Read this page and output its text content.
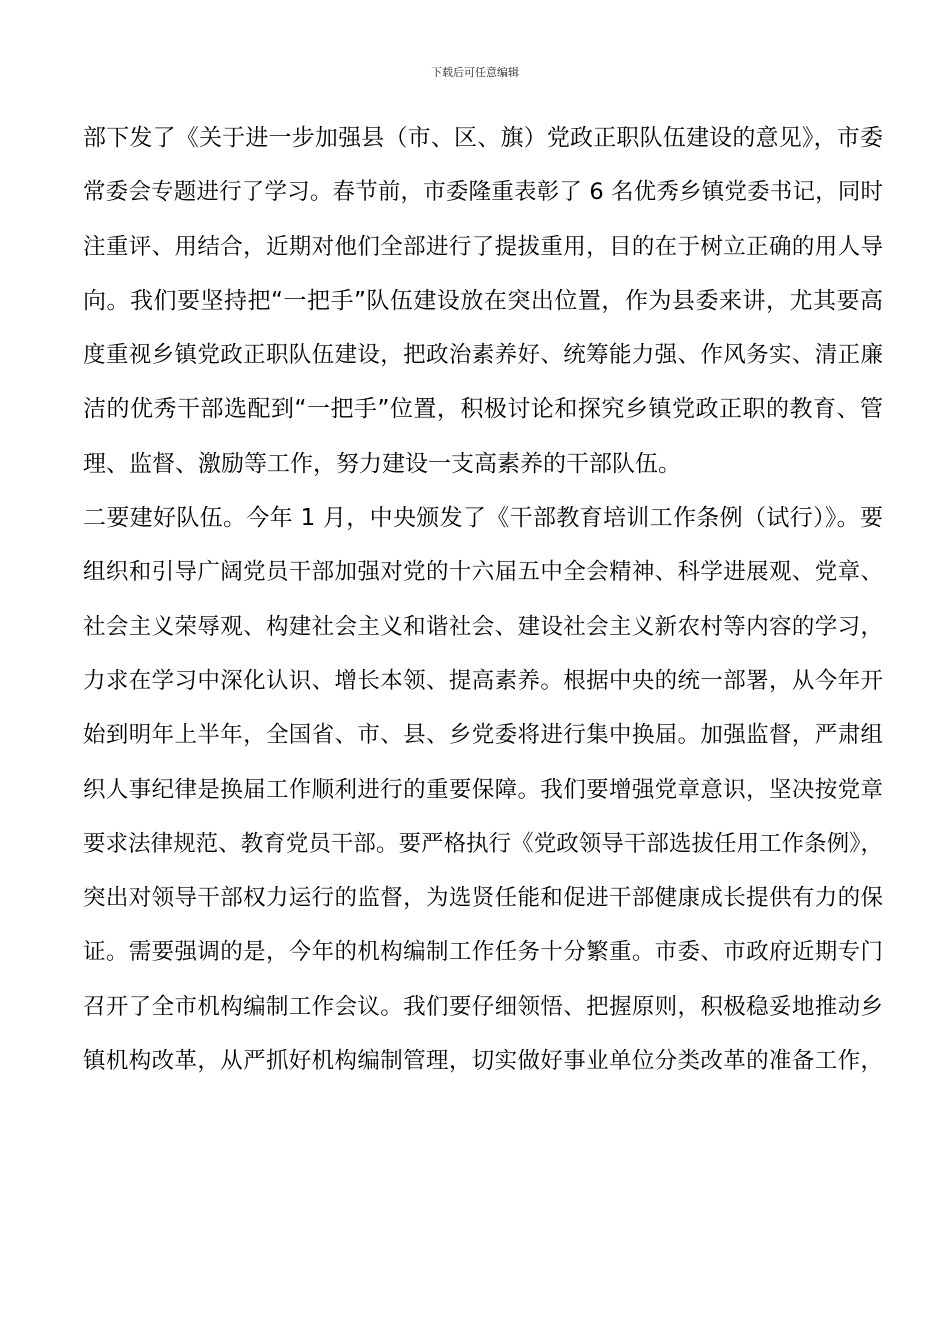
下载后可任意编辑
部下发了《关于进一步加强县（市、区、旗）党政正职队伍建设的意见》，市委
常委会专题进行了学习。春节前，市委隆重表彰了 6 名优秀乡镇党委书记，同时
注重评、用结合，近期对他们全部进行了提拔重用，目的在于树立正确的用人导
向。我们要坚持把“一把手”队伍建设放在突出位置，作为县委来讲，尤其要高
度重视乡镇党政正职队伍建设，把政治素养好、统筹能力强、作风务实、清正廉
洁的优秀干部选配到“一把手”位置，积极讨论和探究乡镇党政正职的教育、管
理、监督、激励等工作，努力建设一支高素养的干部队伍。
二要建好队伍。今年 1 月，中央颁发了《干部教育培训工作条例（试行）》。要
组织和引导广阔党员干部加强对党的十六届五中全会精神、科学进展观、党章、
社会主义荣辱观、构建社会主义和谐社会、建设社会主义新农村等内容的学习，
力求在学习中深化认识、增长本领、提高素养。根据中央的统一部署，从今年开
始到明年上半年，全国省、市、县、乡党委将进行集中换届。加强监督，严肃组
织人事纪律是换届工作顺利进行的重要保障。我们要增强党章意识，坚决按党章
要求法律规范、教育党员干部。要严格执行《党政领导干部选拔任用工作条例》，
突出对领导干部权力运行的监督，为选贤任能和促进干部健康成长提供有力的保
证。需要强调的是，今年的机构编制工作任务十分繁重。市委、市政府近期专门
召开了全市机构编制工作会议。我们要仔细领悟、把握原则，积极稳妥地推动乡
镇机构改革，从严抓好机构编制管理，切实做好事业单位分类改革的准备工作，
